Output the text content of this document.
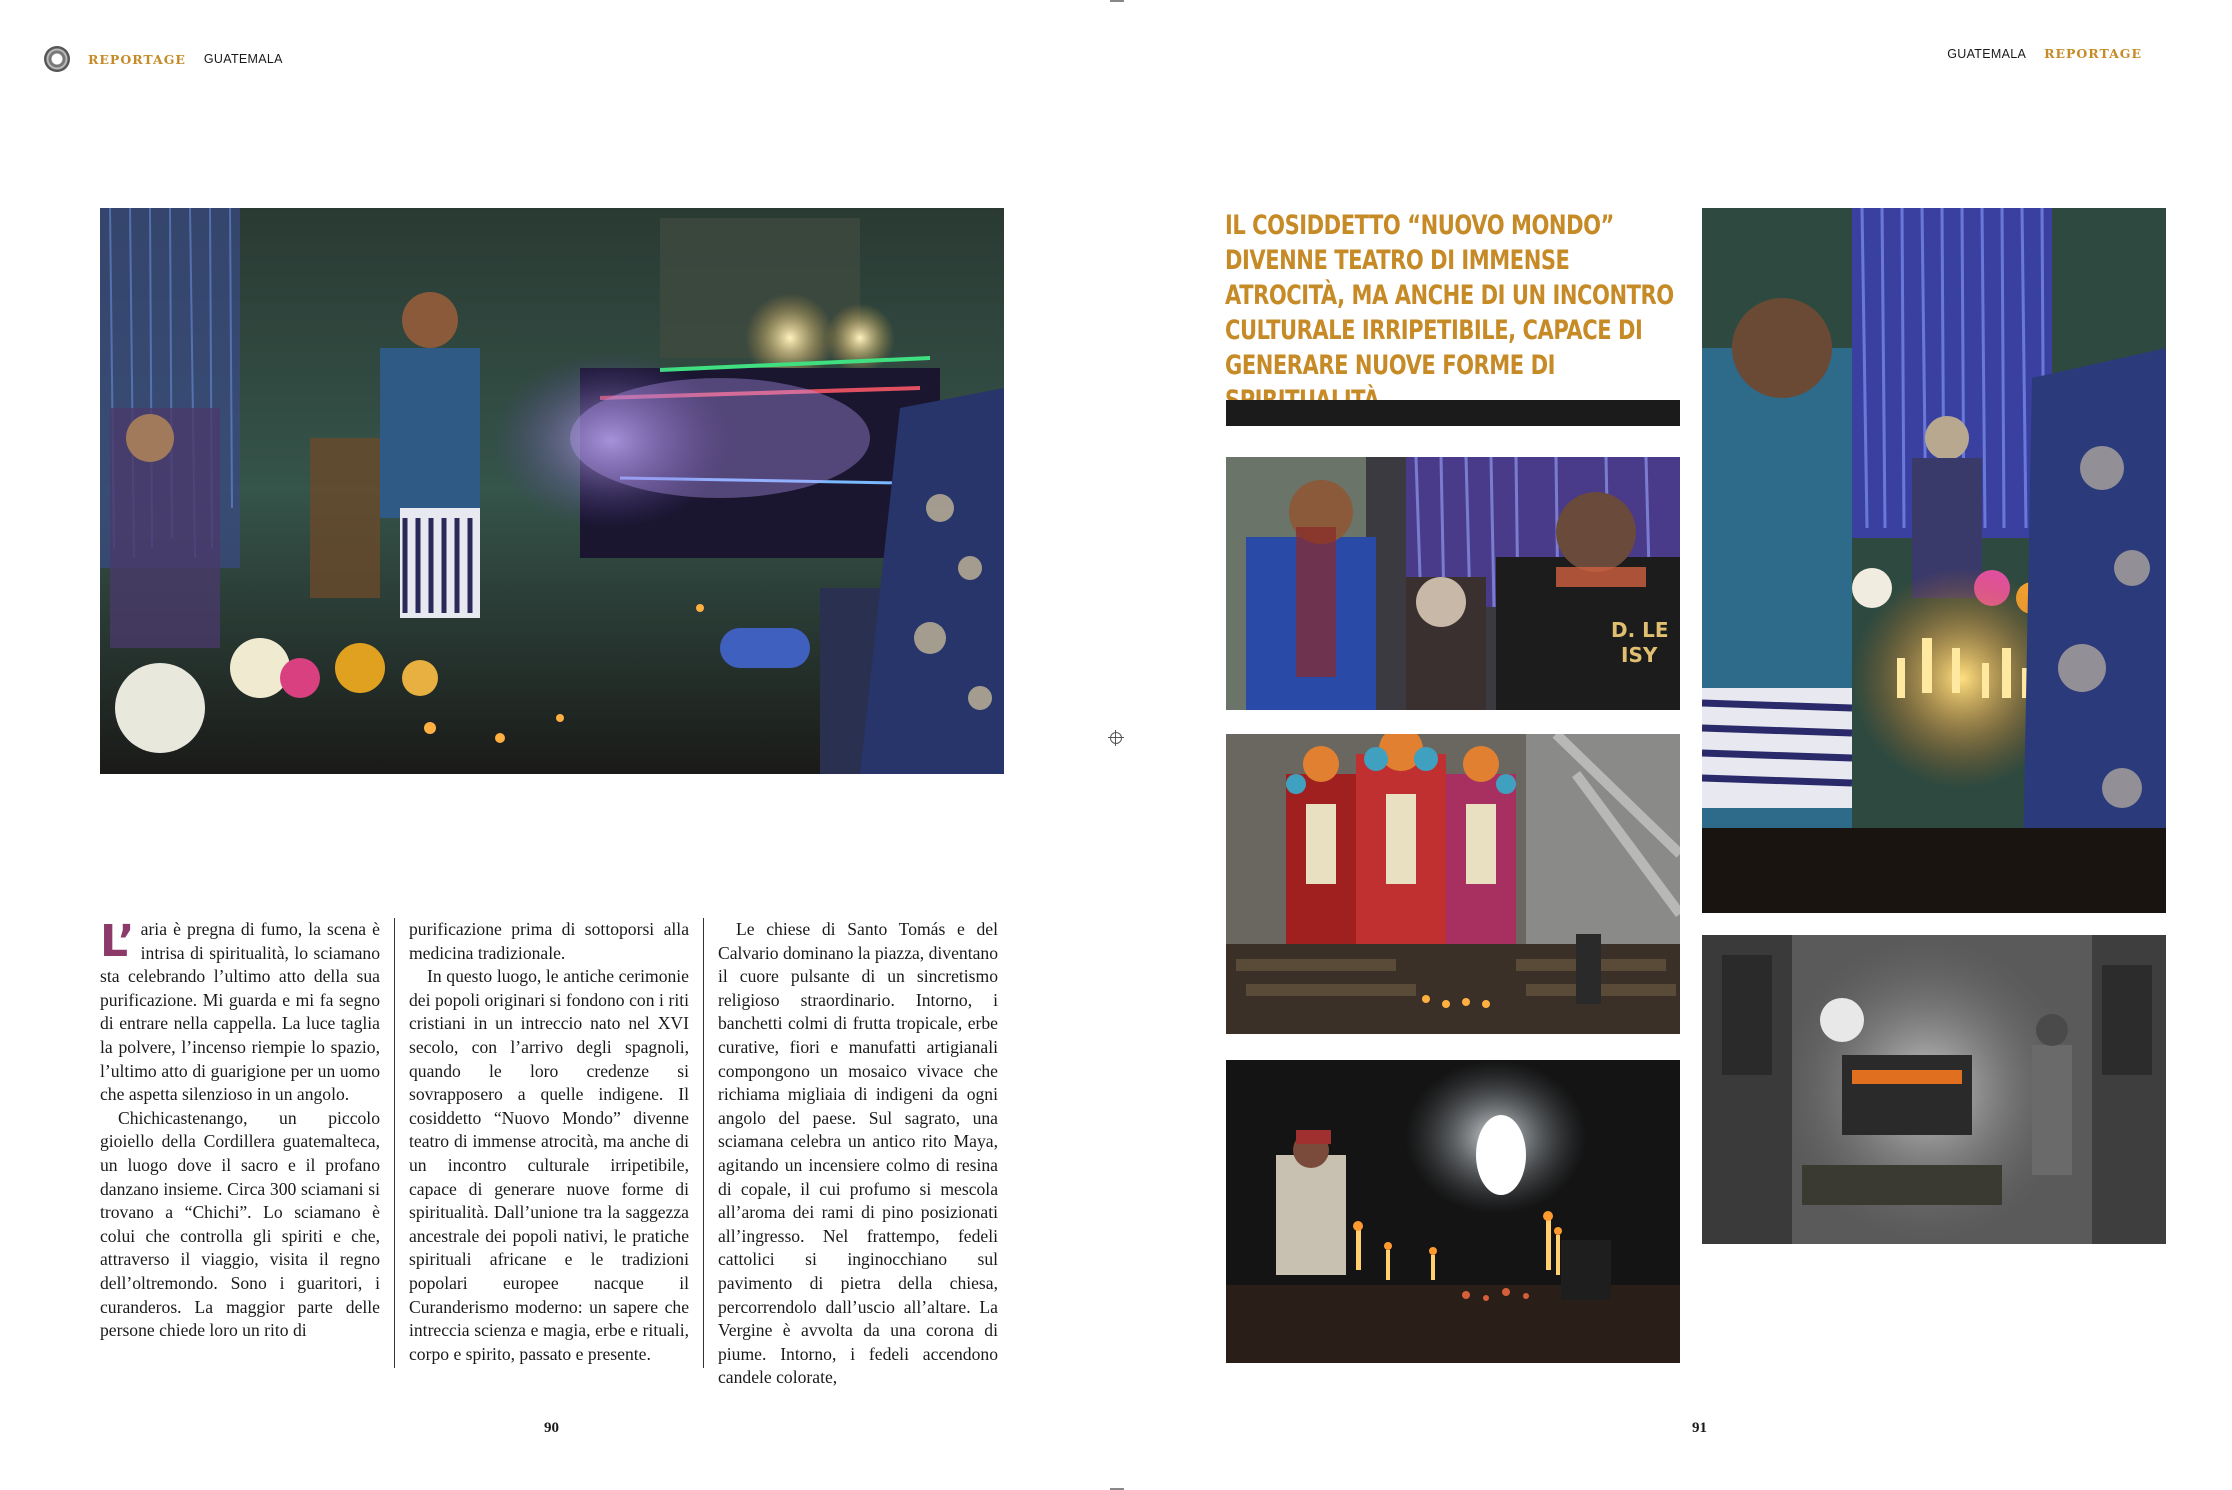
REPORTAGE GUATEMALA	GUATEMALA REPORTAGE
L’ aria è pregna di fumo, la scena è intrisa di spiritualità, lo sciamano sta celebrando l’ultimo atto della sua purificazione. Mi guarda e mi fa segno di entrare nella cappella. La luce taglia la polvere, l’incenso riempie lo spazio, l’ultimo atto di guarigione per un uomo che aspetta silenzioso in un angolo.

Chichicastenango, un piccolo gioiello della Cordillera guatemalteca, un luogo dove il sacro e il profano danzano insieme. Circa 300 sciamani si trovano a “Chichi”. Lo sciamano è colui che controlla gli spiriti e che, attraverso il viaggio, visita il regno dell’oltremondo. Sono i guaritori, i curanderos. La maggior parte delle persone chiede loro un rito di

purificazione prima di sottoporsi alla medicina tradizionale.

In questo luogo, le antiche cerimonie dei popoli originari si fondono con i riti cristiani in un intreccio nato nel XVI secolo, con l’arrivo degli spagnoli, quando le loro credenze si sovrapposero a quelle indigene. Il cosiddetto “Nuovo Mondo” divenne teatro di immense atrocità, ma anche di un incontro culturale irripetibile, capace di generare nuove forme di spiritualità. Dall’unione tra la saggezza ancestrale dei popoli nativi, le pratiche spirituali africane e le tradizioni popolari europee nacque il Curanderismo moderno: un sapere che intreccia scienza e magia, erbe e rituali, corpo e spirito, passato e presente.

Le chiese di Santo Tomás e del Calvario dominano la piazza, diventano il cuore pulsante di un sincretismo religioso straordinario. Intorno, i banchetti colmi di frutta tropicale, erbe curative, fiori e manufatti artigianali compongono un mosaico vivace che richiama migliaia di indigeni da ogni angolo del paese. Sul sagrato, una sciamana celebra un antico rito Maya, agitando un incensiere colmo di resina di copale, il cui profumo si mescola all’aroma dei rami di pino posizionati all’ingresso. Nel frattempo, fedeli cattolici si inginocchiano sul pavimento di pietra della chiesa, percorrendolo dall’uscio all’altare. La Vergine è avvolta da una corona di piume. Intorno, i fedeli accendono candele colorate,

90
IL COSIDDETTO “NUOVO MONDO” DIVENNE TEATRO DI IMMENSE ATROCITÀ, MA ANCHE DI UN INCONTRO CULTURALE IRRIPETIBILE, CAPACE DI GENERARE NUOVE FORME DI
D. LE
ISY
91
